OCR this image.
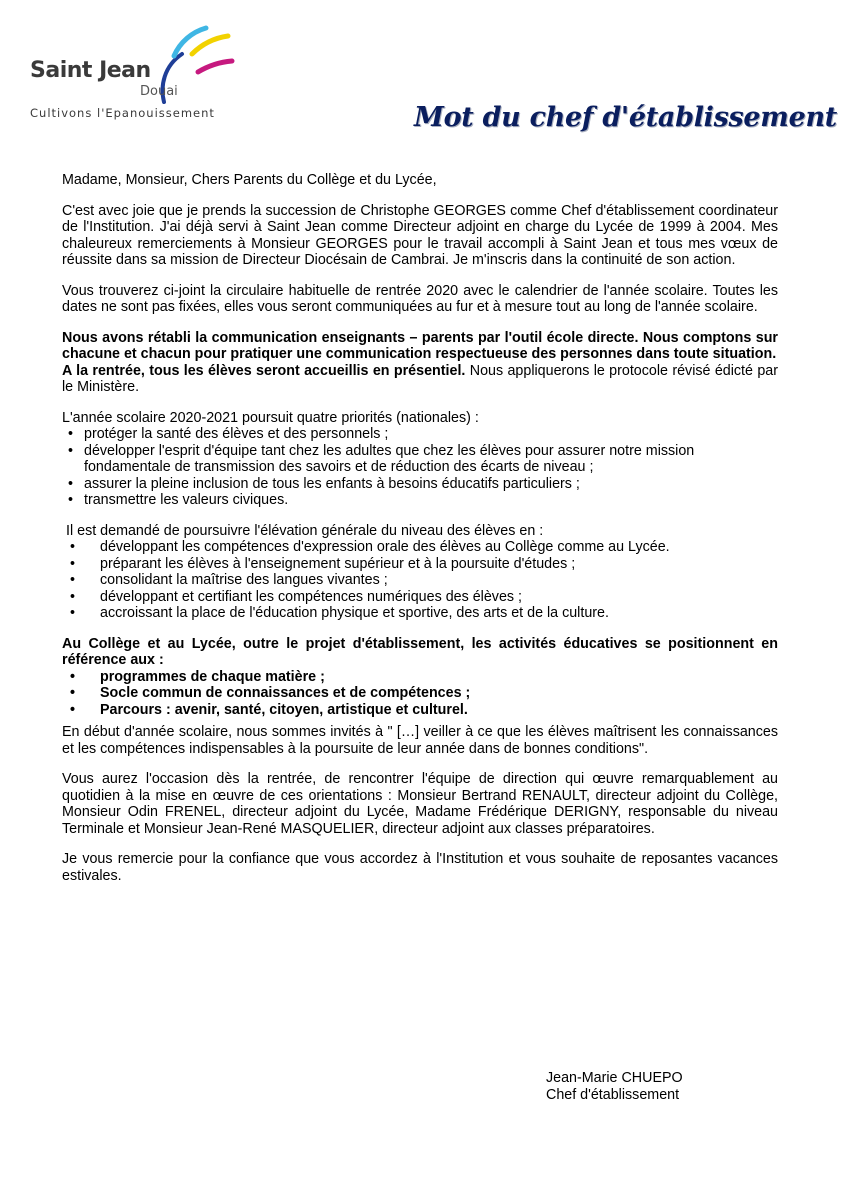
Saint Jean
Douai
Cultivons l'Epanouissement	Mot du chef d'établissement

Madame, Monsieur, Chers Parents du Collège et du Lycée,

C'est avec joie que je prends la succession de Christophe GEORGES comme Chef d'établissement coordinateur de l'Institution. J'ai déjà servi à Saint Jean comme Directeur adjoint en charge du Lycée de 1999 à 2004. Mes chaleureux remerciements à Monsieur GEORGES pour le travail accompli à Saint Jean et tous mes vœux de réussite dans sa mission de Directeur Diocésain de Cambrai. Je m'inscris dans la continuité de son action.

Vous trouverez ci-joint la circulaire habituelle de rentrée 2020 avec le calendrier de l'année scolaire. Toutes les dates ne sont pas fixées, elles vous seront communiquées au fur et à mesure tout au long de l'année scolaire.

Nous avons rétabli la communication enseignants – parents par l'outil école directe. Nous comptons sur chacune et chacun pour pratiquer une communication respectueuse des personnes dans toute situation.

A la rentrée, tous les élèves seront accueillis en présentiel. Nous appliquerons le protocole révisé édicté par le Ministère.

L'année scolaire 2020-2021 poursuit quatre priorités (nationales) :

• protéger la santé des élèves et des personnels ;
• développer l'esprit d'équipe tant chez les adultes que chez les élèves pour assurer notre mission fondamentale de transmission des savoirs et de réduction des écarts de niveau ;
• assurer la pleine inclusion de tous les enfants à besoins éducatifs particuliers ;
• transmettre les valeurs civiques.

Il est demandé de poursuivre l'élévation générale du niveau des élèves en :

• développant les compétences d'expression orale des élèves au Collège comme au Lycée.
• préparant les élèves à l'enseignement supérieur et à la poursuite d'études ;
• consolidant la maîtrise des langues vivantes ;
• développant et certifiant les compétences numériques des élèves ;
• accroissant la place de l'éducation physique et sportive, des arts et de la culture.

Au Collège et au Lycée, outre le projet d'établissement, les activités éducatives se positionnent en référence aux :

• programmes de chaque matière ;
• Socle commun de connaissances et de compétences ;
• Parcours : avenir, santé, citoyen, artistique et culturel.

En début d'année scolaire, nous sommes invités à " […] veiller à ce que les élèves maîtrisent les connaissances et les compétences indispensables à la poursuite de leur année dans de bonnes conditions".

Vous aurez l'occasion dès la rentrée, de rencontrer l'équipe de direction qui œuvre remarquablement au quotidien à la mise en œuvre de ces orientations : Monsieur Bertrand RENAULT, directeur adjoint du Collège, Monsieur Odin FRENEL, directeur adjoint du Lycée, Madame Frédérique DERIGNY, responsable du niveau Terminale et Monsieur Jean-René MASQUELIER, directeur adjoint aux classes préparatoires.

Je vous remercie pour la confiance que vous accordez à l'Institution et vous souhaite de reposantes vacances estivales.

Jean-Marie CHUEPO
Chef d'établissement
